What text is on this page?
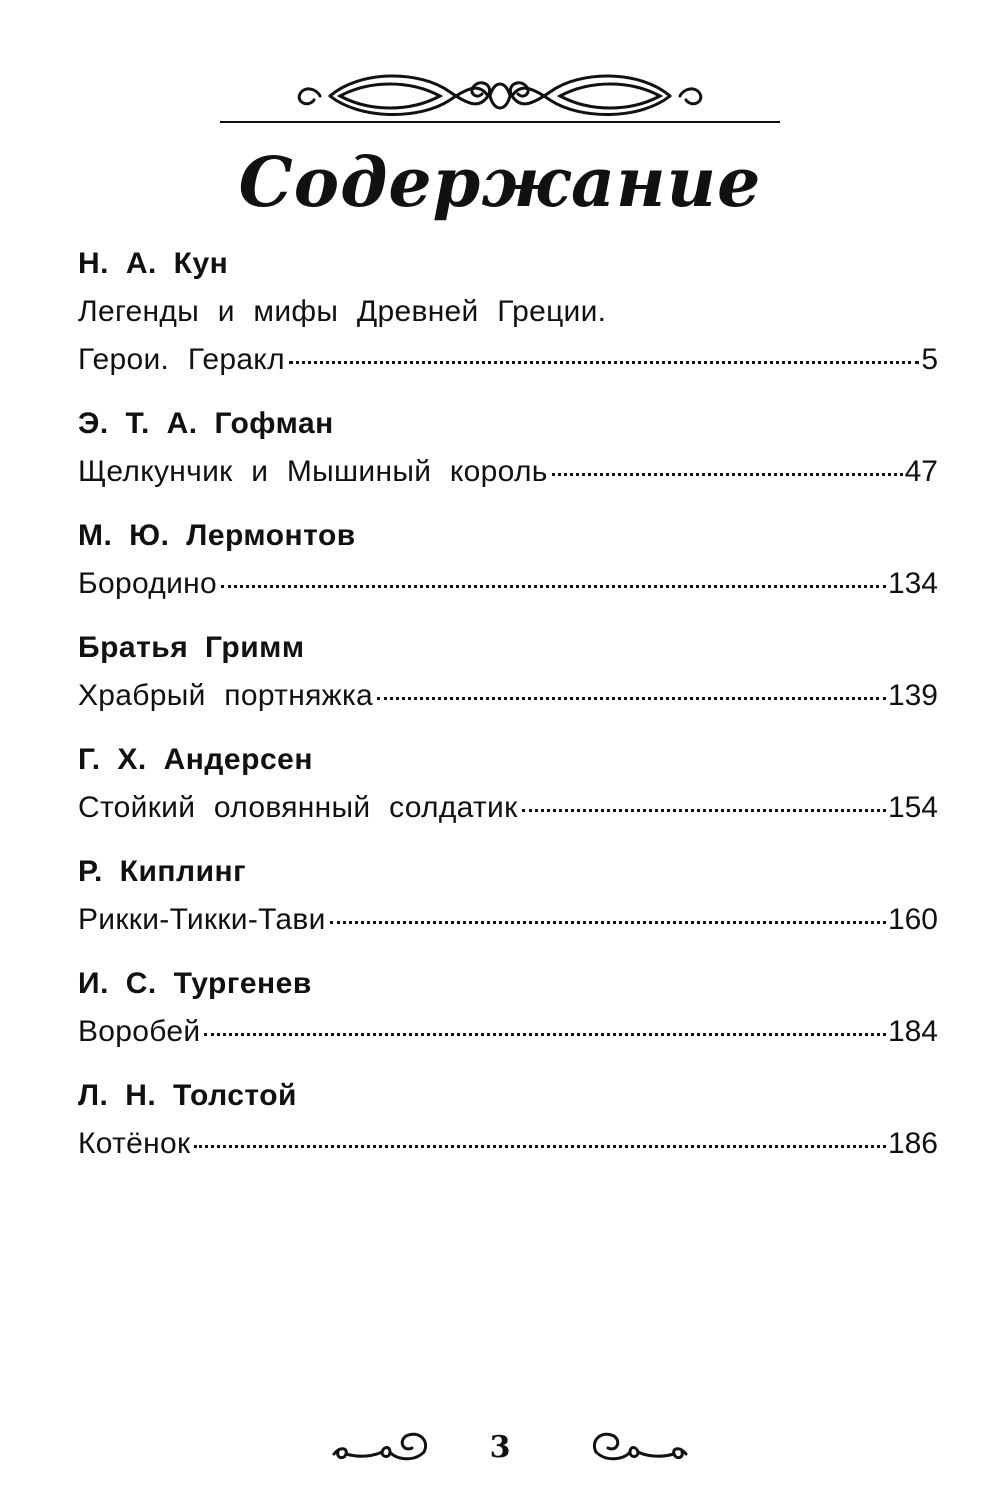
Содержание
Н. А. Кун
Легенды и мифы Древней Греции.
Герои. Геракл	5
Э. Т. А. Гофман
Щелкунчик и Мышиный король	47
М. Ю. Лермонтов
Бородино	134
Братья Гримм
Храбрый портняжка	139
Г. Х. Андерсен
Стойкий оловянный солдатик	154
Р. Киплинг
Рикки-Тикки-Тави	160
И. С. Тургенев
Воробей	184
Л. Н. Толстой
Котёнок	186
3
